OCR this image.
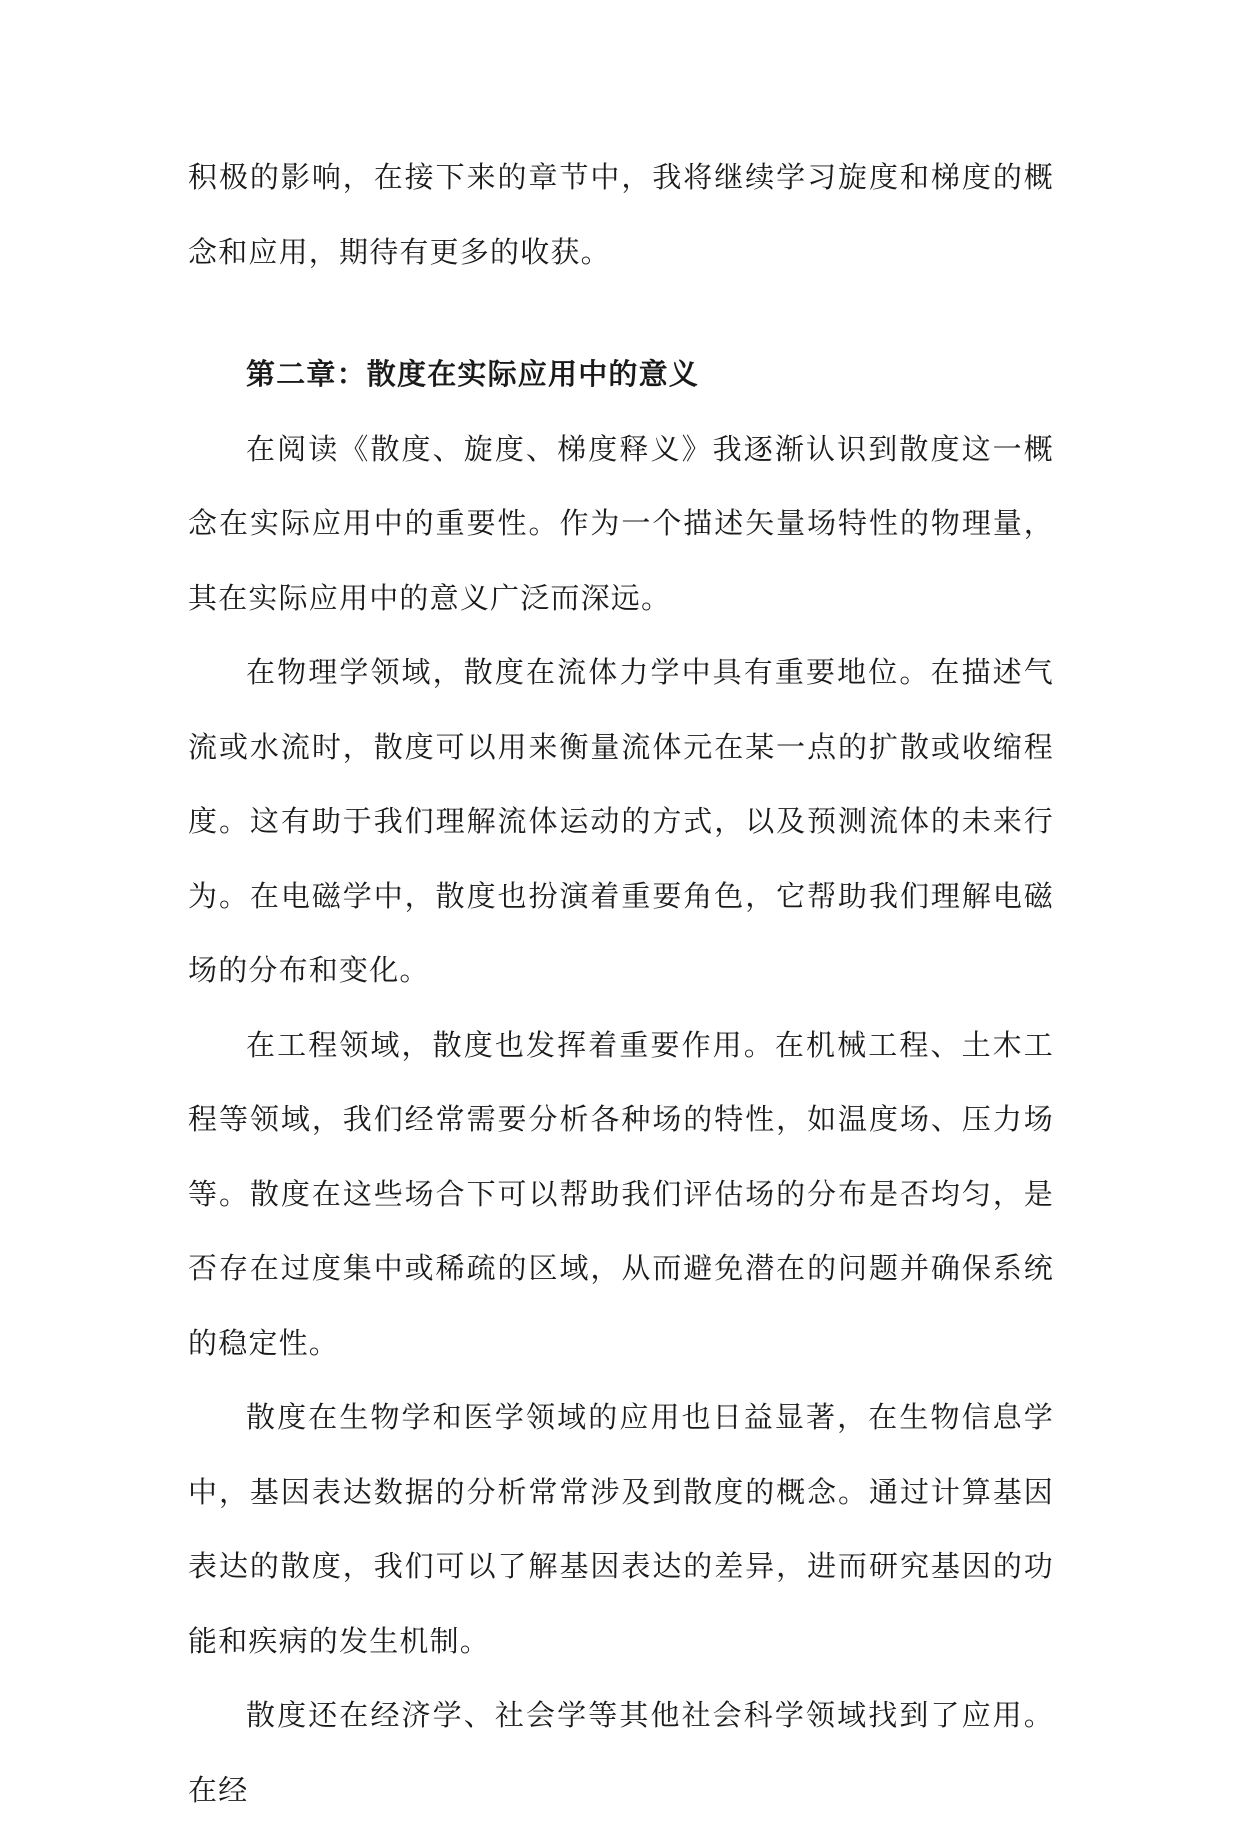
积极的影响，在接下来的章节中，我将继续学习旋度和梯度的概念和应用，期待有更多的收获。

第二章：散度在实际应用中的意义

在阅读《散度、旋度、梯度释义》我逐渐认识到散度这一概念在实际应用中的重要性。作为一个描述矢量场特性的物理量，其在实际应用中的意义广泛而深远。

在物理学领域，散度在流体力学中具有重要地位。在描述气流或水流时，散度可以用来衡量流体元在某一点的扩散或收缩程度。这有助于我们理解流体运动的方式，以及预测流体的未来行为。在电磁学中，散度也扮演着重要角色，它帮助我们理解电磁场的分布和变化。

在工程领域，散度也发挥着重要作用。在机械工程、土木工程等领域，我们经常需要分析各种场的特性，如温度场、压力场等。散度在这些场合下可以帮助我们评估场的分布是否均匀，是否存在过度集中或稀疏的区域，从而避免潜在的问题并确保系统的稳定性。

散度在生物学和医学领域的应用也日益显著，在生物信息学中，基因表达数据的分析常常涉及到散度的概念。通过计算基因表达的散度，我们可以了解基因表达的差异，进而研究基因的功能和疾病的发生机制。

散度还在经济学、社会学等其他社会科学领域找到了应用。在经
